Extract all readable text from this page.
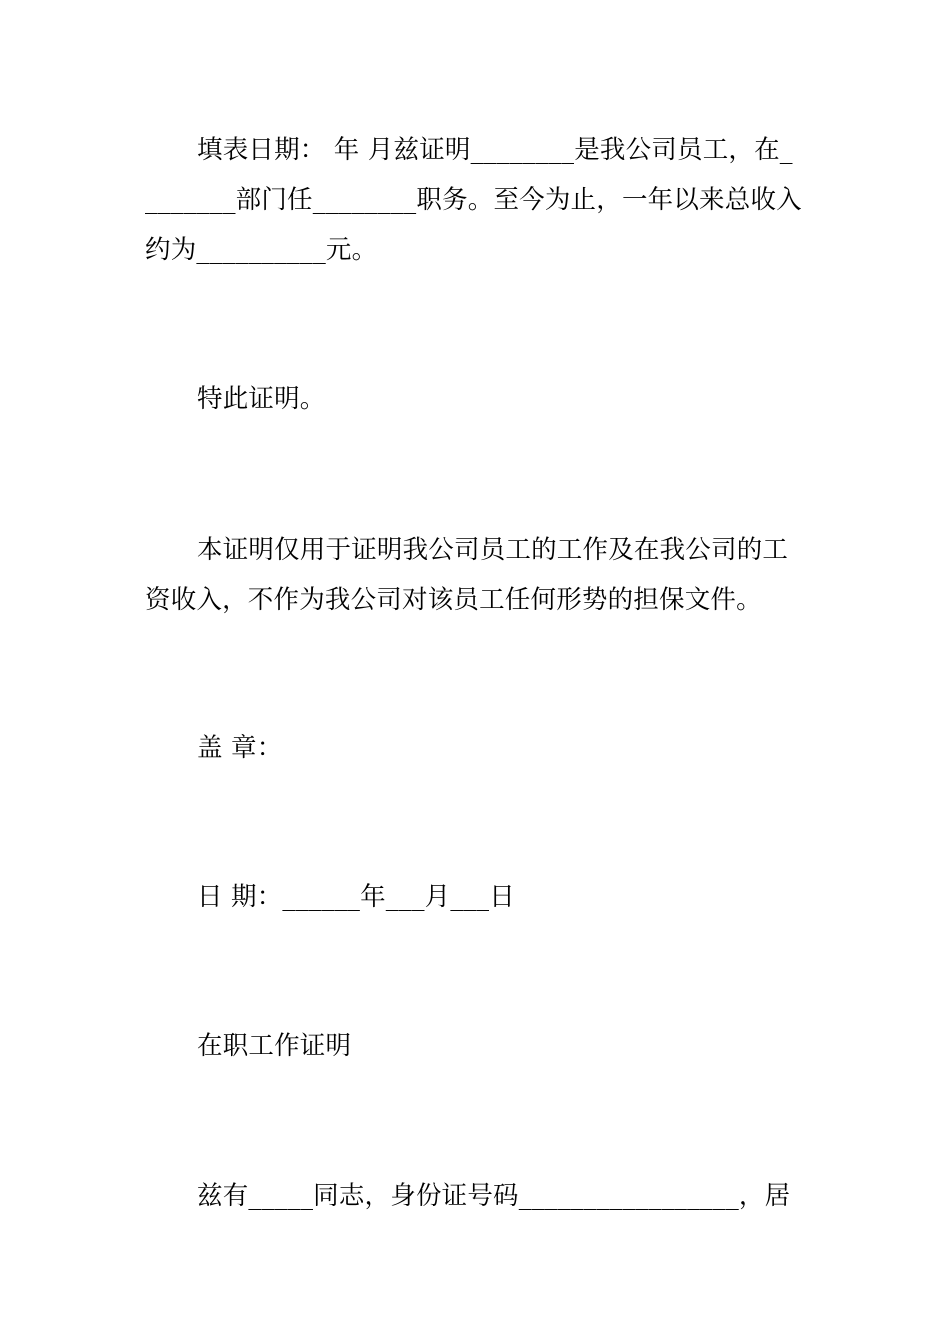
填表日期： 年 月兹证明________是我公司员工，在_
_______部门任________职务。至今为止，一年以来总收入
约为__________元。
特此证明。
本证明仅用于证明我公司员工的工作及在我公司的工
资收入，不作为我公司对该员工任何形势的担保文件。
盖 章：
日 期：______年___月___日
在职工作证明
兹有_____同志，身份证号码_________________，居
